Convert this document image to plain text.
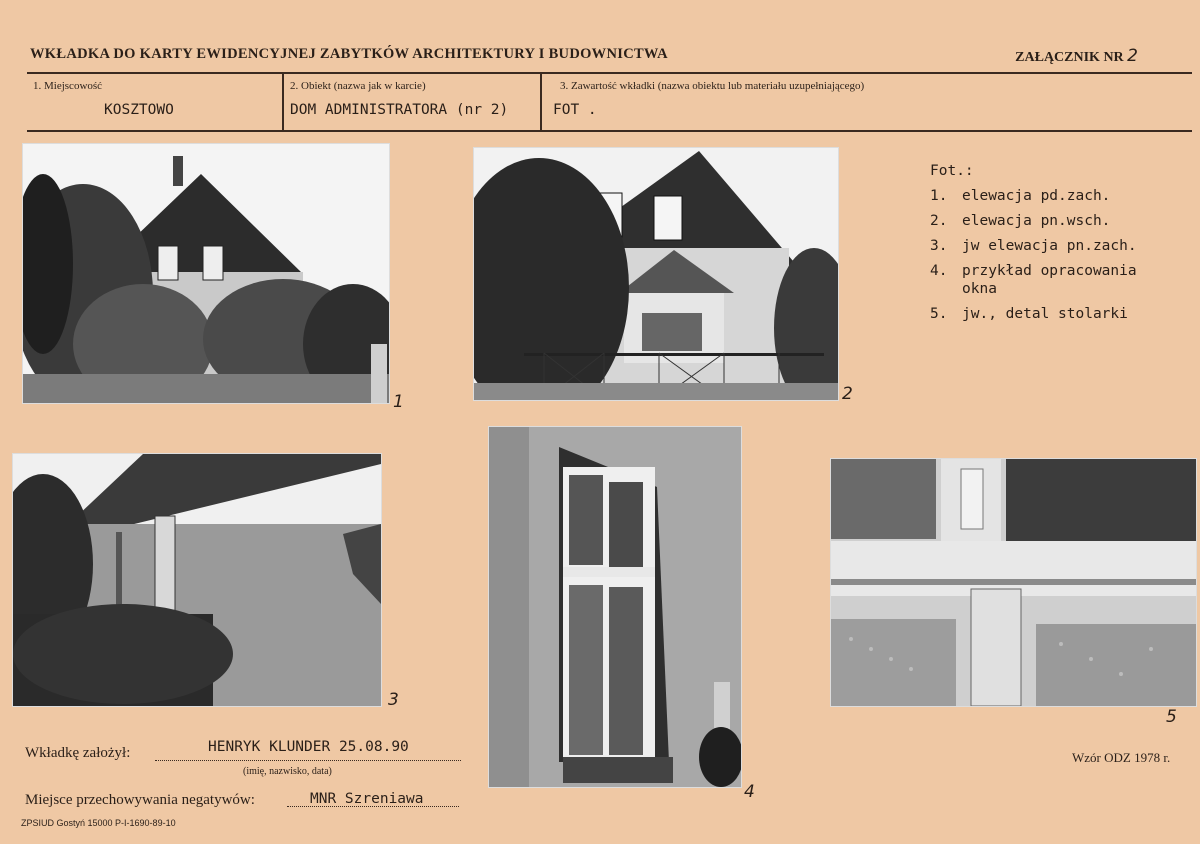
WKŁADKA DO KARTY EWIDENCYJNEJ ZABYTKÓW ARCHITEKTURY I BUDOWNICTWA	ZAŁĄCZNIK NR 2
1. Miejscowość
KOSZTOWO
2. Obiekt (nazwa jak w karcie)
DOM ADMINISTRATORA (nr 2)
3. Zawartość wkładki (nazwa obiektu lub materiału uzupełniającego)
FOT .
1	2
Fot.:
1.	elewacja pd.zach.
2.	elewacja pn.wsch.
3.	jw elewacja pn.zach.
4.	przykład opracowania okna
5.	jw., detal stolarki
3
4
5
Wkładkę założył:	HENRYK KLUNDER 25.08.90
(imię, nazwisko, data)
Miejsce przechowywania negatywów:	MNR Szreniawa
Wzór ODZ 1978 r.
ZPSIUD Gostyń 15000 P-I-1690-89-10
